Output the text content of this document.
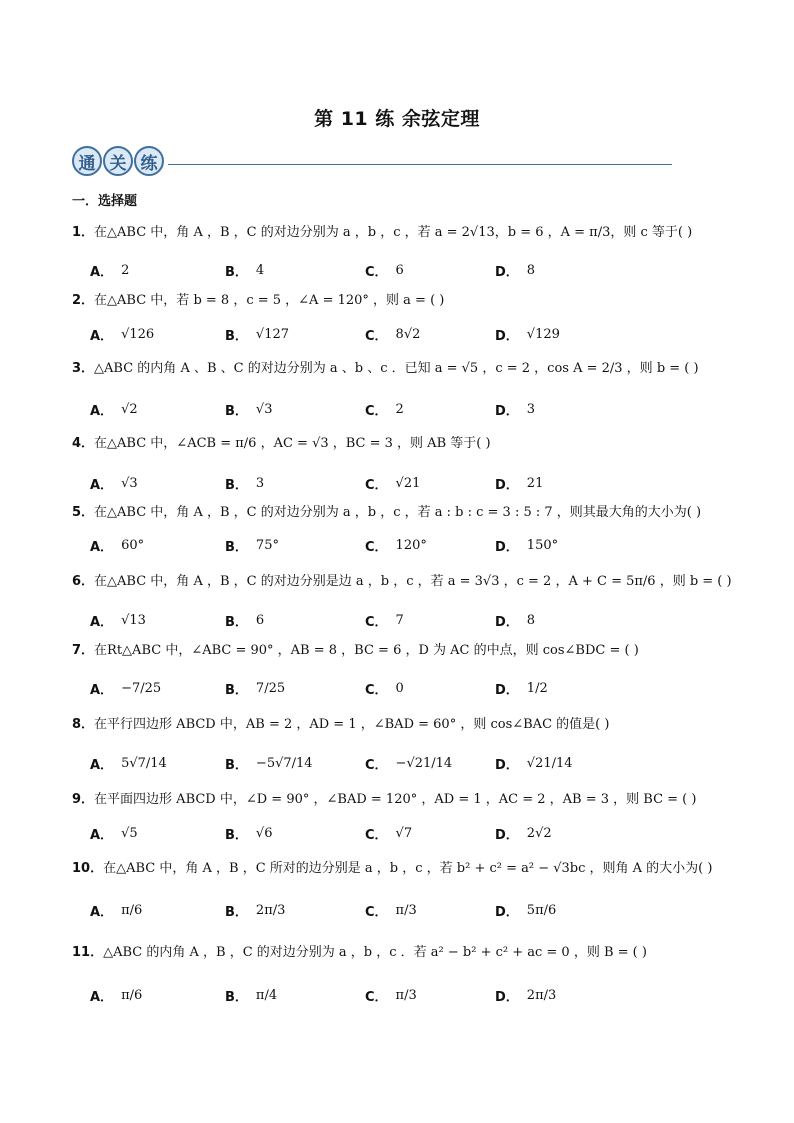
第 11 练 余弦定理
通 关 练
一．选择题
1．在△ABC 中，角 A ，B ，C 的对边分别为 a ，b ，c ，若 a = 2√13，b = 6 ，A = π/3，则 c 等于( )
A． 2	B． 4	C． 6	D． 8
2．在△ABC 中，若 b = 8 ，c = 5 ，∠A = 120° ，则 a = ( )
A． √126	B． √127	C． 8√2	D． √129
3．△ABC 的内角 A 、B 、C 的对边分别为 a 、b 、c ．已知 a = √5 ，c = 2 ，cos A = 2/3 ，则 b = ( )
A． √2	B． √3	C． 2	D． 3
4．在△ABC 中，∠ACB = π/6 ，AC = √3 ，BC = 3 ，则 AB 等于( )
A． √3	B． 3	C． √21	D． 21
5．在△ABC 中，角 A ，B ，C 的对边分别为 a ，b ，c ，若 a : b : c = 3 : 5 : 7 ，则其最大角的大小为( )
A． 60°	B． 75°	C． 120°	D． 150°
6．在△ABC 中，角 A ，B ，C 的对边分别是边 a ，b ，c ，若 a = 3√3 ，c = 2 ，A + C = 5π/6 ，则 b = ( )
A． √13	B． 6	C． 7	D． 8
7．在Rt△ABC 中，∠ABC = 90° ，AB = 8 ，BC = 6 ，D 为 AC 的中点，则 cos∠BDC = ( )
A． −7/25	B． 7/25	C． 0	D． 1/2
8．在平行四边形 ABCD 中，AB = 2 ，AD = 1 ，∠BAD = 60° ，则 cos∠BAC 的值是( )
A． 5√7/14	B． −5√7/14	C． −√21/14	D． √21/14
9．在平面四边形 ABCD 中，∠D = 90° ，∠BAD = 120° ，AD = 1 ，AC = 2 ，AB = 3 ，则 BC = ( )
A． √5	B． √6	C． √7	D． 2√2
10．在△ABC 中，角 A ，B ，C 所对的边分别是 a ，b ，c ，若 b² + c² = a² − √3bc ，则角 A 的大小为( )
A． π/6	B． 2π/3	C． π/3	D． 5π/6
11．△ABC 的内角 A ，B ，C 的对边分别为 a ，b ，c ．若 a² − b² + c² + ac = 0 ，则 B = ( )
A． π/6	B． π/4	C． π/3	D． 2π/3
